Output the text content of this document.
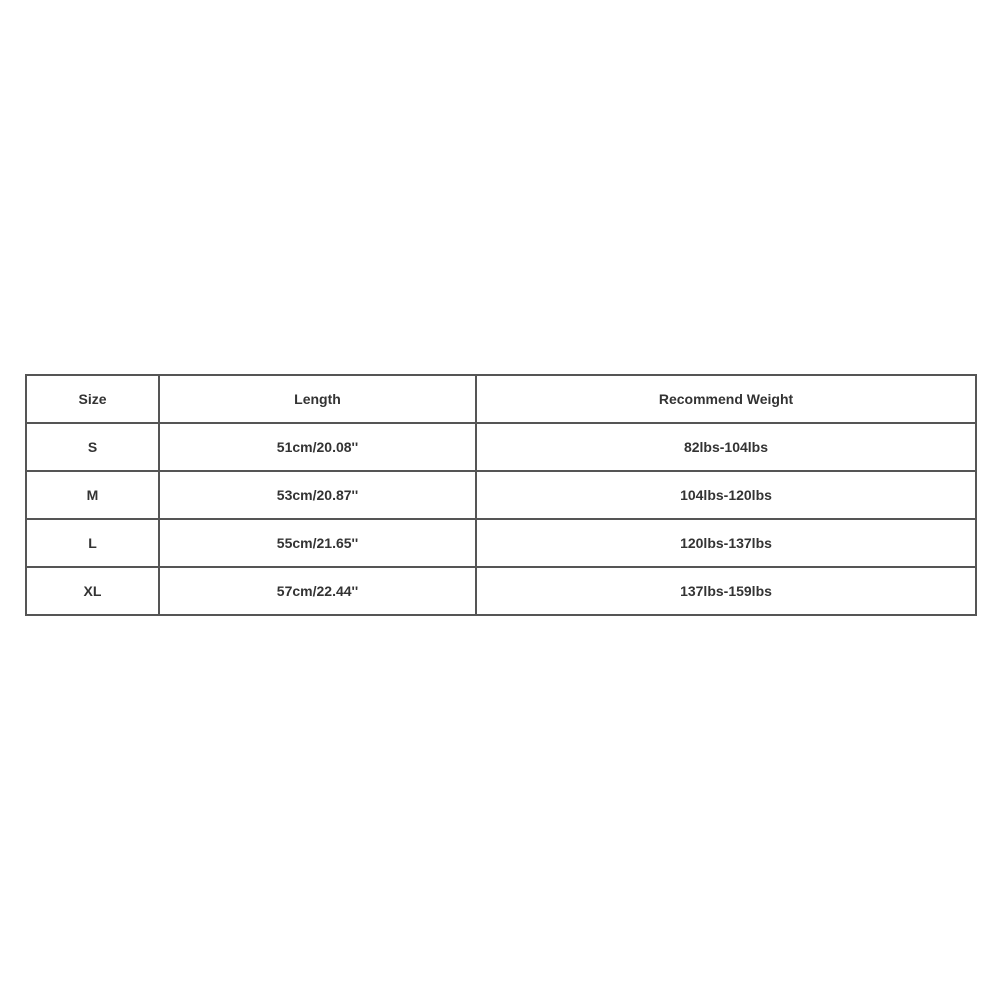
Size	Length	Recommend Weight
S	51cm/20.08''	82lbs-104lbs
M	53cm/20.87''	104lbs-120lbs
L	55cm/21.65''	120lbs-137lbs
XL	57cm/22.44''	137lbs-159lbs
